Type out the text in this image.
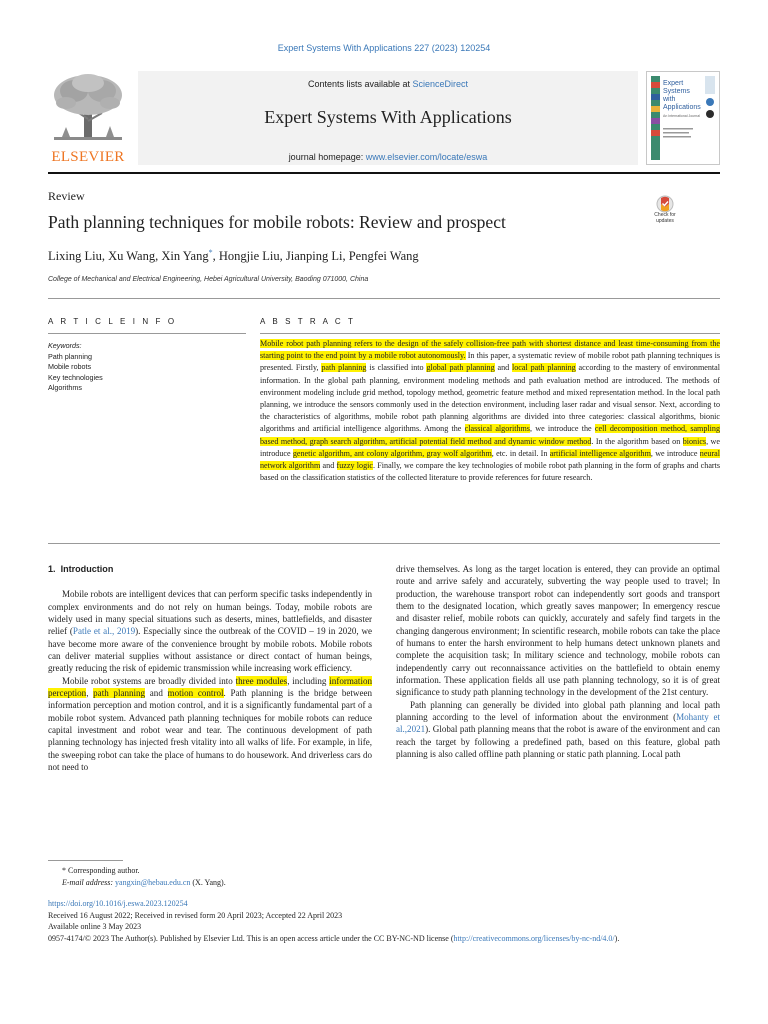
Expert Systems With Applications 227 (2023) 120254
ELSEVIER
Contents lists available at ScienceDirect
Expert Systems With Applications
journal homepage: www.elsevier.com/locate/eswa
Expert
Systems
with
Applications
An International Journal
Review
Path planning techniques for mobile robots: Review and prospect	Check for updates
Lixing Liu, Xu Wang, Xin Yang*, Hongjie Liu, Jianping Li, Pengfei Wang
College of Mechanical and Electrical Engineering, Hebei Agricultural University, Baoding 071000, China
A R T I C L E I N F O	A B S T R A C T
Keywords:
Path planning
Mobile robots
Key technologies
Algorithms
Mobile robot path planning refers to the design of the safely collision-free path with shortest distance and least time-consuming from the starting point to the end point by a mobile robot autonomously. In this paper, a systematic review of mobile robot path planning techniques is presented. Firstly, path planning is classified into global path planning and local path planning according to the mastery of environmental information. In the global path planning, environment modeling methods and path evaluation method are introduced. The methods of environment modeling include grid method, topology method, geometric feature method and mixed representation method. In the local path planning, we introduce the sensors commonly used in the detection environment, including laser radar and visual sensor. Next, according to the characteristics of algorithms, mobile robot path planning algorithms are divided into three categories: classical algorithms, bionic algorithms and artificial intelligence algorithms. Among the classical algorithms, we introduce the cell decomposition method, sampling based method, graph search algorithm, artificial potential field method and dynamic window method. In the algorithm based on bionics, we introduce genetic algorithm, ant colony algorithm, gray wolf algorithm, etc. in detail. In artificial intelligence algorithm, we introduce neural network algorithm and fuzzy logic. Finally, we compare the key technologies of mobile robot path planning in the form of graphs and charts based on the classification statistics of the collected literature to provide references for future research.
1. Introduction

Mobile robots are intelligent devices that can perform specific tasks independently in complex environments and do not rely on human beings. Today, mobile robots are widely used in many special situations such as deserts, mines, battlefields, and disaster relief (Patle et al., 2019). Especially since the outbreak of the COVID – 19 in 2020, we have become more aware of the convenience brought by mobile robots. Mobile robots can deliver material supplies without assistance or direct contact of human beings, greatly reducing the risk of epidemic transmission while increasing work efficiency.

Mobile robot systems are broadly divided into three modules, including information perception, path planning and motion control. Path planning is the bridge between information perception and motion control, and it is a significantly fundamental part of a mobile robot system. Advanced path planning techniques for mobile robots can reduce capital investment and robot wear and tear. The continuous development of path planning technology has injected fresh vitality into all walks of life. For example, in life, the sweeping robot can take the place of humans to do housework. And driverless cars do not need to

drive themselves. As long as the target location is entered, they can provide an optimal route and arrive safely and accurately, subverting the way people used to travel; In production, the warehouse transport robot can independently sort goods and transport them to the designated location, which greatly saves manpower; In emergency rescue and disaster relief, mobile robots can quickly, accurately and safely find targets in the changing dangerous environment; In scientific research, mobile robots can take the place of humans to enter the harsh environment to help humans detect unknown planets and complete the acquisition task; In military science and technology, mobile robots can independently carry out reconnaissance activities on the battlefield to obtain enemy information. These application fields all use path planning technology, so it is of great significance to study path planning technology in the development of the 21st century.

Path planning can generally be divided into global path planning and local path planning according to the level of information about the environment (Mohanty et al.,2021). Global path planning means that the robot is aware of the environment and can reach the target by following a predefined path, based on this feature, global path planning is also called offline path planning or static path planning. Local path

* Corresponding author.
E-mail address: yangxin@hebau.edu.cn (X. Yang).
https://doi.org/10.1016/j.eswa.2023.120254
Received 16 August 2022; Received in revised form 20 April 2023; Accepted 22 April 2023
Available online 3 May 2023
0957-4174/© 2023 The Author(s). Published by Elsevier Ltd. This is an open access article under the CC BY-NC-ND license (http://creativecommons.org/licenses/by-nc-nd/4.0/).
